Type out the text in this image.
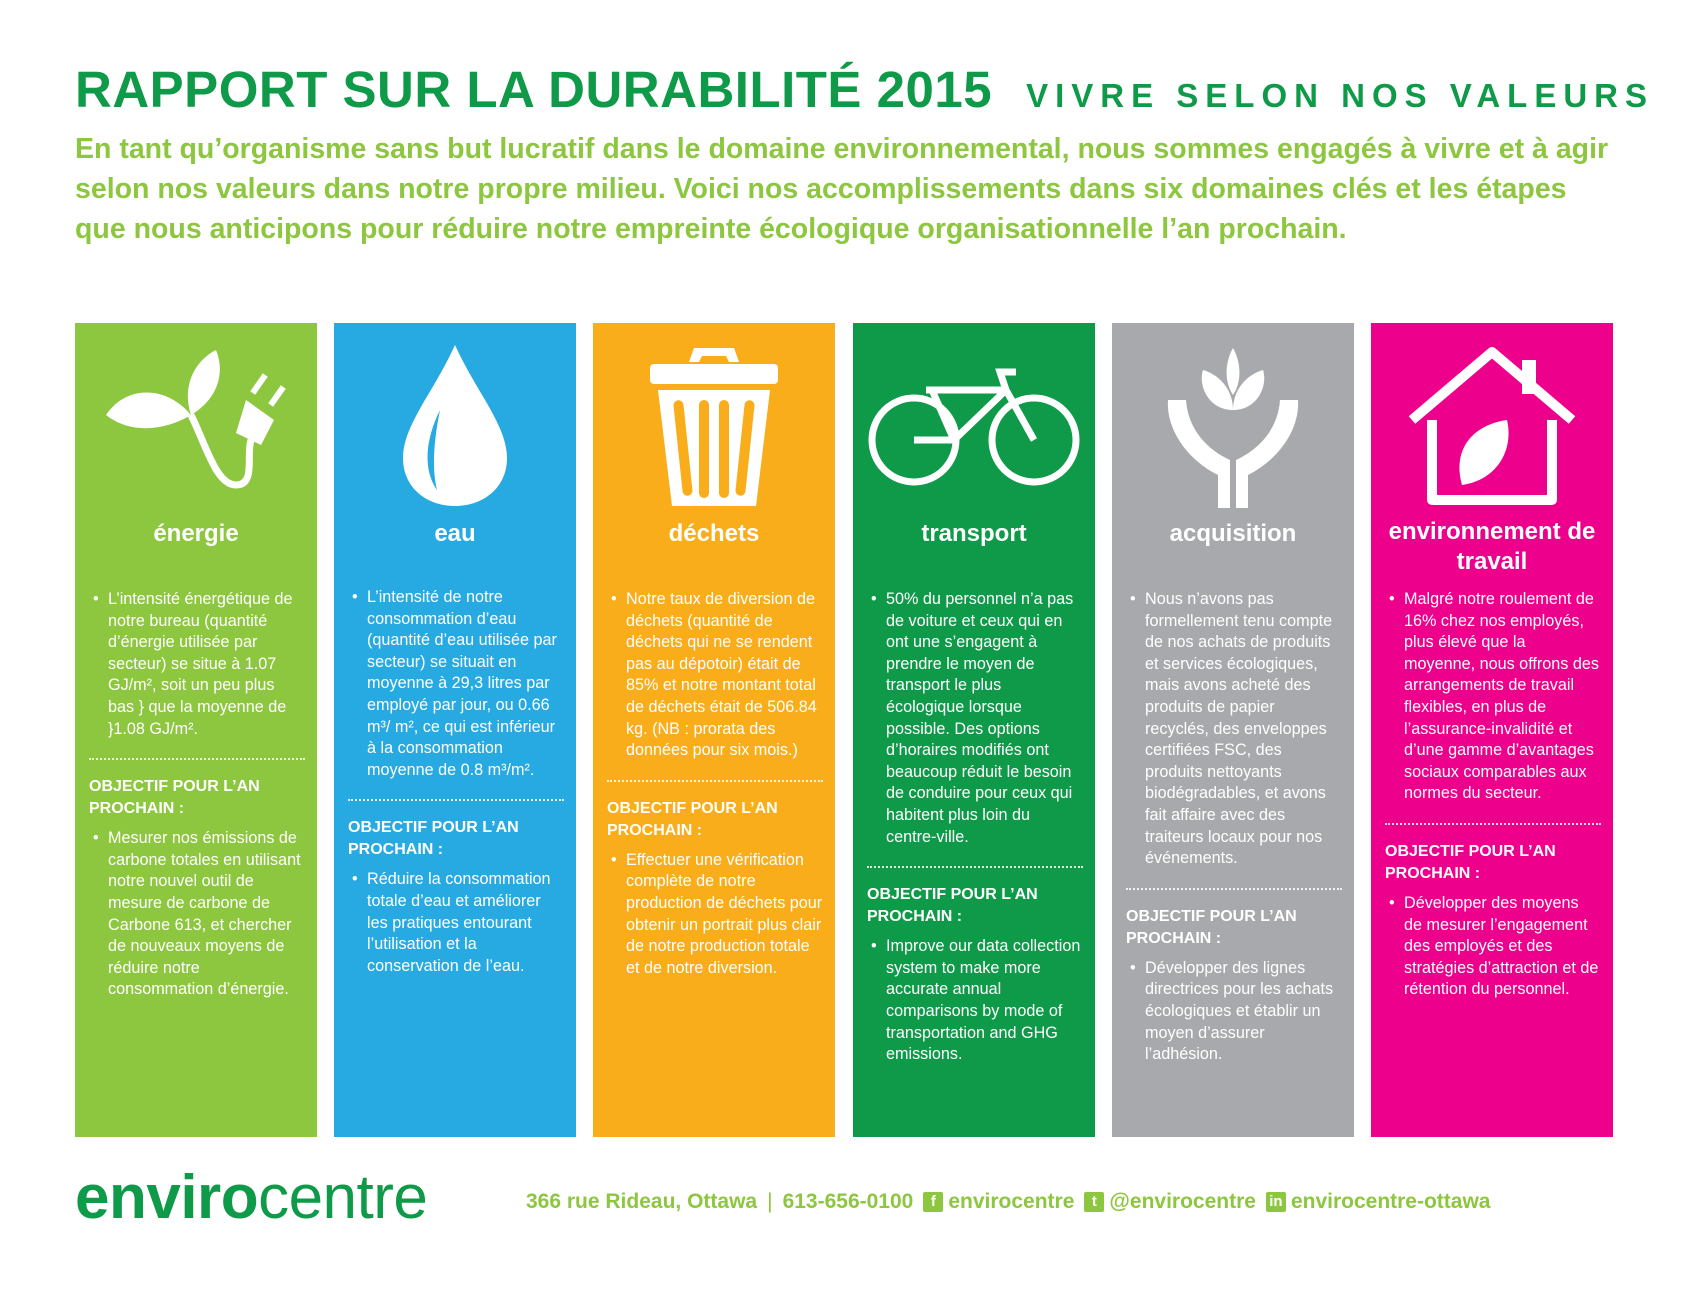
RAPPORT SUR LA DURABILITÉ 2015 VIVRE SELON NOS VALEURS

En tant qu’organisme sans but lucratif dans le domaine environnemental, nous sommes engagés à vivre et à agir selon nos valeurs dans notre propre milieu. Voici nos accomplissements dans six domaines clés et les étapes que nous anticipons pour réduire notre empreinte écologique organisationnelle l’an prochain.

énergie
• L’intensité énergétique de notre bureau (quantité d’énergie utilisée par secteur) se situe à 1.07 GJ/m², soit un peu plus bas } que la moyenne de }1.08 GJ/m².
OBJECTIF POUR L’AN PROCHAIN :
• Mesurer nos émissions de carbone totales en utilisant notre nouvel outil de mesure de carbone de Carbone 613, et chercher de nouveaux moyens de réduire notre consommation d’énergie.
eau
• L’intensité de notre consommation d’eau (quantité d’eau utilisée par secteur) se situait en moyenne à 29,3 litres par employé par jour, ou 0.66 m³/ m², ce qui est inférieur à la consommation moyenne de 0.8 m³/m².
OBJECTIF POUR L’AN PROCHAIN :
• Réduire la consommation totale d’eau et améliorer les pratiques entourant l’utilisation et la conservation de l’eau.
déchets
• Notre taux de diversion de déchets (quantité de déchets qui ne se rendent pas au dépotoir) était de 85% et notre montant total de déchets était de 506.84 kg. (NB : prorata des données pour six mois.)
OBJECTIF POUR L’AN PROCHAIN :
• Effectuer une vérification complète de notre production de déchets pour obtenir un portrait plus clair de notre production totale et de notre diversion.
transport
• 50% du personnel n’a pas de voiture et ceux qui en ont une s’engagent à prendre le moyen de transport le plus écologique lorsque possible. Des options d’horaires modifiés ont beaucoup réduit le besoin de conduire pour ceux qui habitent plus loin du centre-ville.
OBJECTIF POUR L’AN PROCHAIN :
• Improve our data collection system to make more accurate annual comparisons by mode of transportation and GHG emissions.
acquisition
• Nous n’avons pas formellement tenu compte de nos achats de produits et services écologiques, mais avons acheté des produits de papier recyclés, des enveloppes certifiées FSC, des produits nettoyants biodégradables, et avons fait affaire avec des traiteurs locaux pour nos événements.
OBJECTIF POUR L’AN PROCHAIN :
• Développer des lignes directrices pour les achats écologiques et établir un moyen d’assurer l’adhésion.
environnement de travail
• Malgré notre roulement de 16% chez nos employés, plus élevé que la moyenne, nous offrons des arrangements de travail flexibles, en plus de l’assurance-invalidité et d’une gamme d’avantages sociaux comparables aux normes du secteur.
OBJECTIF POUR L’AN PROCHAIN :
• Développer des moyens de mesurer l’engagement des employés et des stratégies d’attraction et de rétention du personnel.
envirocentre	366 rue Rideau, Ottawa | 613-656-0100	f envirocentre	t @envirocentre in envirocentre-ottawa
